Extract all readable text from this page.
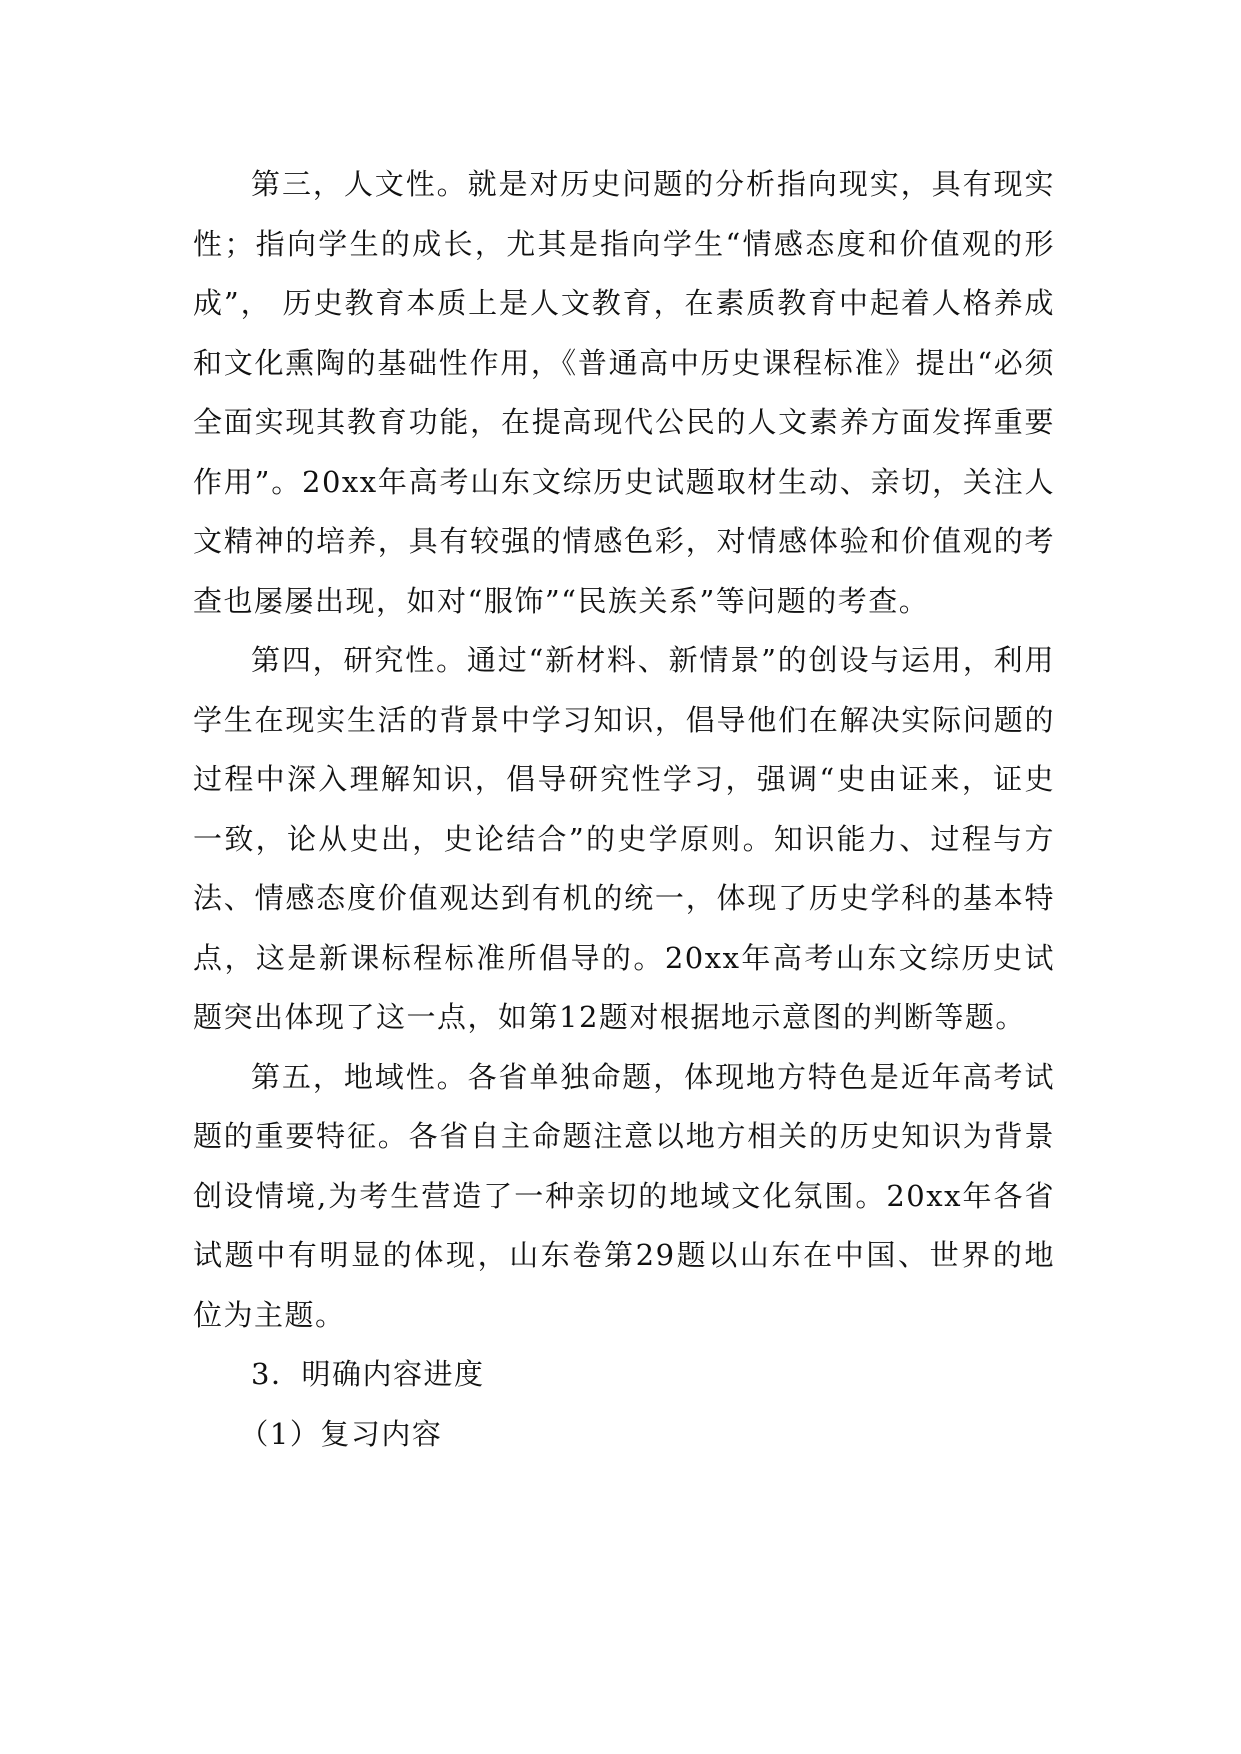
第三，人文性。就是对历史问题的分析指向现实，具有现实性；指向学生的成长，尤其是指向学生“情感态度和价值观的形成”， 历史教育本质上是人文教育，在素质教育中起着人格养成和文化熏陶的基础性作用，《普通高中历史课程标准》提出“必须全面实现其教育功能，在提高现代公民的人文素养方面发挥重要作用”。20xx年高考山东文综历史试题取材生动、亲切，关注人文精神的培养，具有较强的情感色彩，对情感体验和价值观的考查也屡屡出现，如对“服饰”“民族关系”等问题的考查。

第四，研究性。通过“新材料、新情景”的创设与运用，利用学生在现实生活的背景中学习知识，倡导他们在解决实际问题的过程中深入理解知识，倡导研究性学习，强调“史由证来，证史一致，论从史出，史论结合”的史学原则。知识能力、过程与方法、情感态度价值观达到有机的统一，体现了历史学科的基本特点，这是新课标程标准所倡导的。20xx年高考山东文综历史试题突出体现了这一点，如第12题对根据地示意图的判断等题。

第五，地域性。各省单独命题，体现地方特色是近年高考试题的重要特征。各省自主命题注意以地方相关的历史知识为背景创设情境,为考生营造了一种亲切的地域文化氛围。20xx年各省试题中有明显的体现，山东卷第29题以山东在中国、世界的地位为主题。

3．明确内容进度

（1）复习内容
